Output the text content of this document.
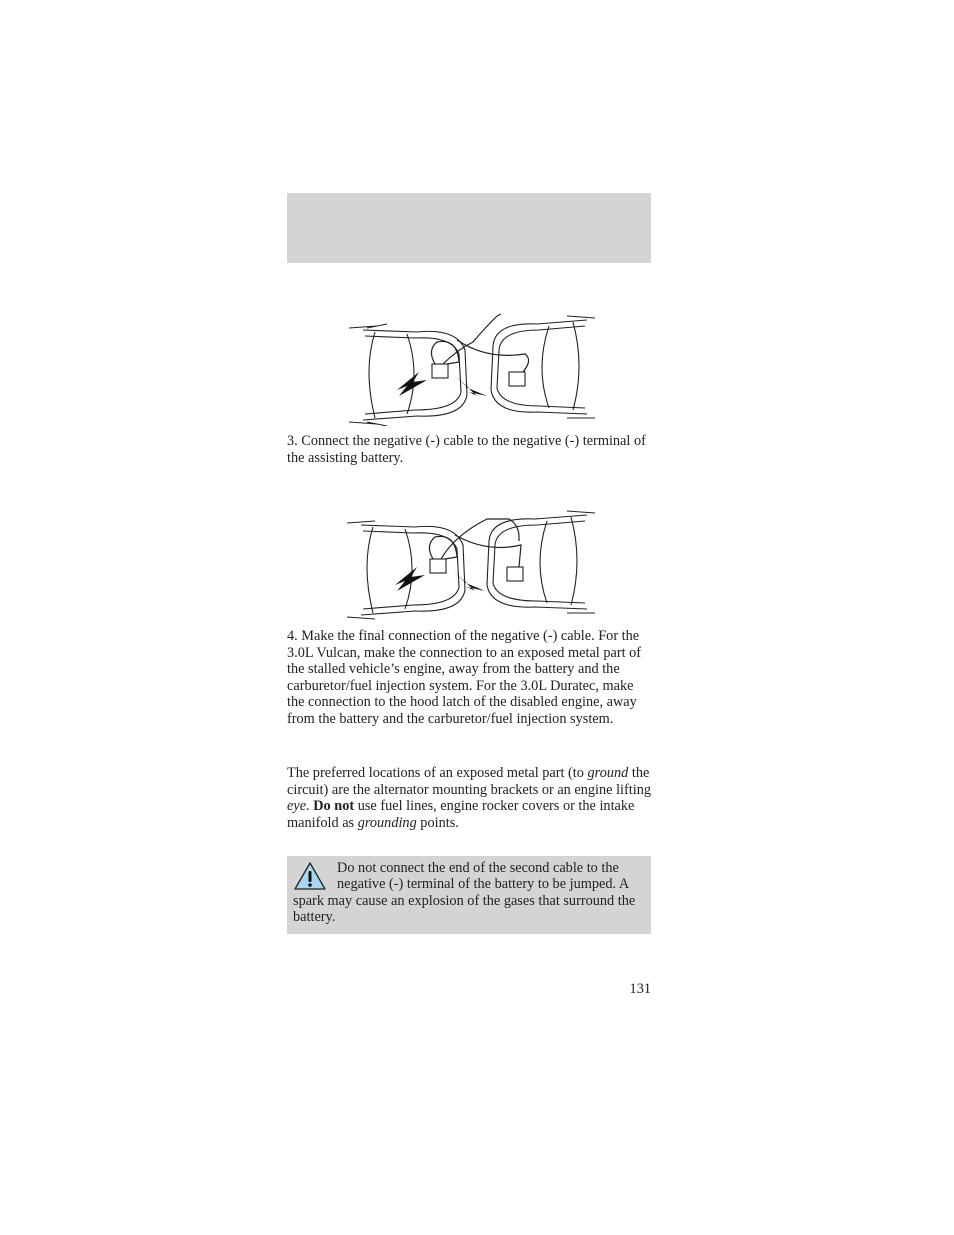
3. Connect the negative (-) cable to the negative (-) terminal of the assisting battery.

4. Make the final connection of the negative (-) cable. For the 3.0L Vulcan, make the connection to an exposed metal part of the stalled vehicle’s engine, away from the battery and the carburetor/fuel injection system. For the 3.0L Duratec, make the connection to the hood latch of the disabled engine, away from the battery and the carburetor/fuel injection system.

The preferred locations of an exposed metal part (to ground the circuit) are the alternator mounting brackets or an engine lifting eye. Do not use fuel lines, engine rocker covers or the intake manifold as grounding points.

Do not connect the end of the second cable to the negative (-) terminal of the battery to be jumped. A spark may cause an explosion of the gases that surround the battery.

131
